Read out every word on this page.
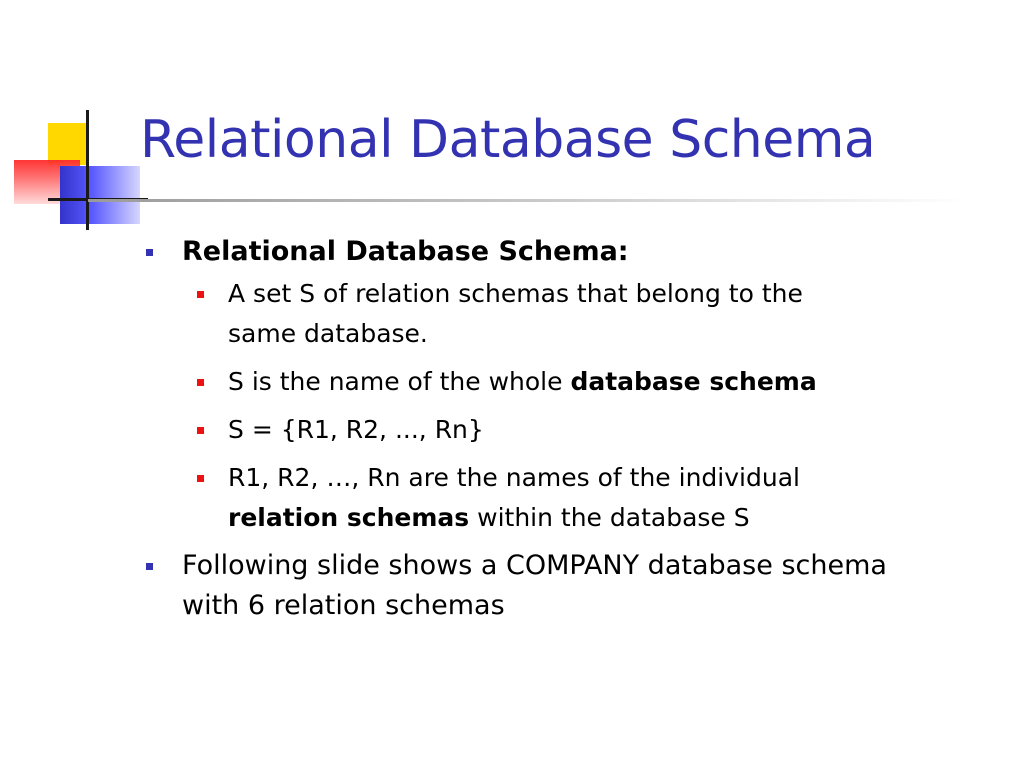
Relational Database Schema
Relational Database Schema:
A set S of relation schemas that belong to the
same database.
S is the name of the whole database schema
S = {R1, R2, ..., Rn}
R1, R2, …, Rn are the names of the individual
relation schemas within the database S
Following slide shows a COMPANY database schema
with 6 relation schemas
